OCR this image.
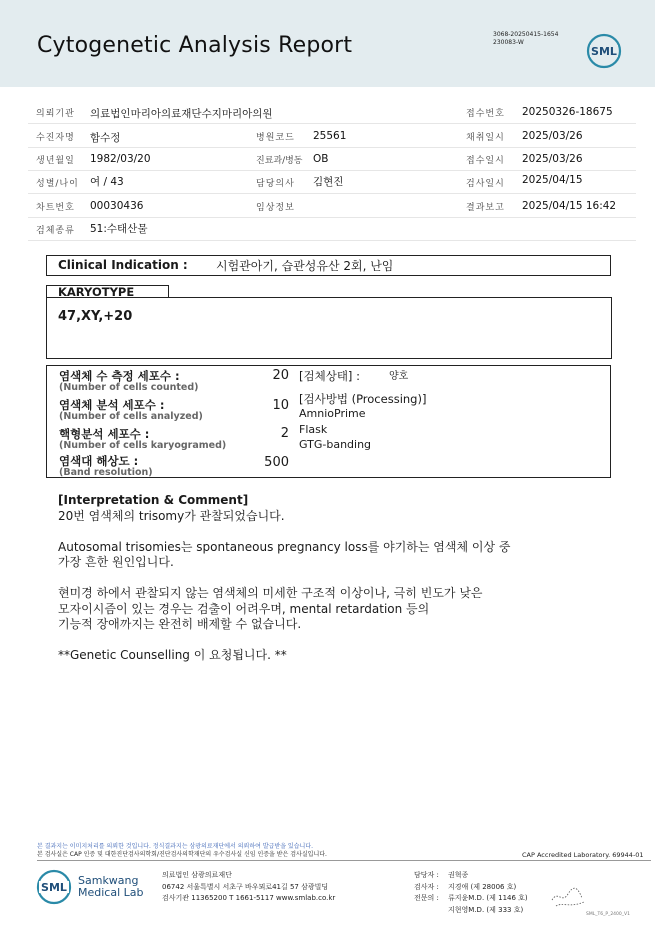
Cytogenetic Analysis Report	3068-20250415-1654
230083-W
SML
의뢰기관 의료법인마리아의료재단수지마리아의원	접수번호 20250326-18675
수진자명 함수정	병원코드 25561	채취일시 2025/03/26
생년월일 1982/03/20	진료과/병동 OB	접수일시 2025/03/26
성별/나이 여 / 43	담당의사 김현진	검사일시 2025/04/15
차트번호 00030436	임상정보	결과보고 2025/04/15 16:42
검체종류 51:수태산물
Clinical Indication : 시험관아기, 습관성유산 2회, 난임
KARYOTYPE
47,XY,+20
염색체 수 측정 세포수 :
(Number of cells counted)
20
염색체 분석 세포수 :
(Number of cells analyzed)
10
핵형분석 세포수 :
(Number of cells karyogramed)
2
염색대 해상도 :
(Band resolution)
500
[검체상태] :	양호
[검사방법 (Processing)]
AmnioPrime
Flask
GTG-banding

[Interpretation & Comment]

20번 염색체의 trisomy가 관찰되었습니다.

Autosomal trisomies는 spontaneous pregnancy loss를 야기하는 염색체 이상 중

가장 흔한 원인입니다.

현미경 하에서 관찰되지 않는 염색체의 미세한 구조적 이상이나, 극히 빈도가 낮은

모자이시즘이 있는 경우는 검출이 어려우며, mental retardation 등의

기능적 장애까지는 완전히 배제할 수 없습니다.

**Genetic Counselling 이 요청됩니다. **

본 결과지는 이미지처리를 의뢰한 것입니다. 정식결과지는 삼광의료재단에서 의뢰하여 발급받을 있습니다.
본 검사실은 CAP 인증 및 대한진단검사의학회/진단검사의학재단의 우수검사실 신임 인증을 받은 검사실입니다.	CAP Accredited Laboratory. 69944-01
SML
Samkwang
Medical Lab
의료법인 삼광의료재단
06742 서울특별시 서초구 바우뫼로41길 57 삼광빌딩
검사기관 11365200 T 1661-5117 www.smlab.co.kr
담당자 : 권혁종
검사자 : 지경애 (제 28006 호)
전문의 : 류지윤M.D. (제 1146 호)
지현영M.D. (제 333 호)
SML_T6_P_2400_V1
